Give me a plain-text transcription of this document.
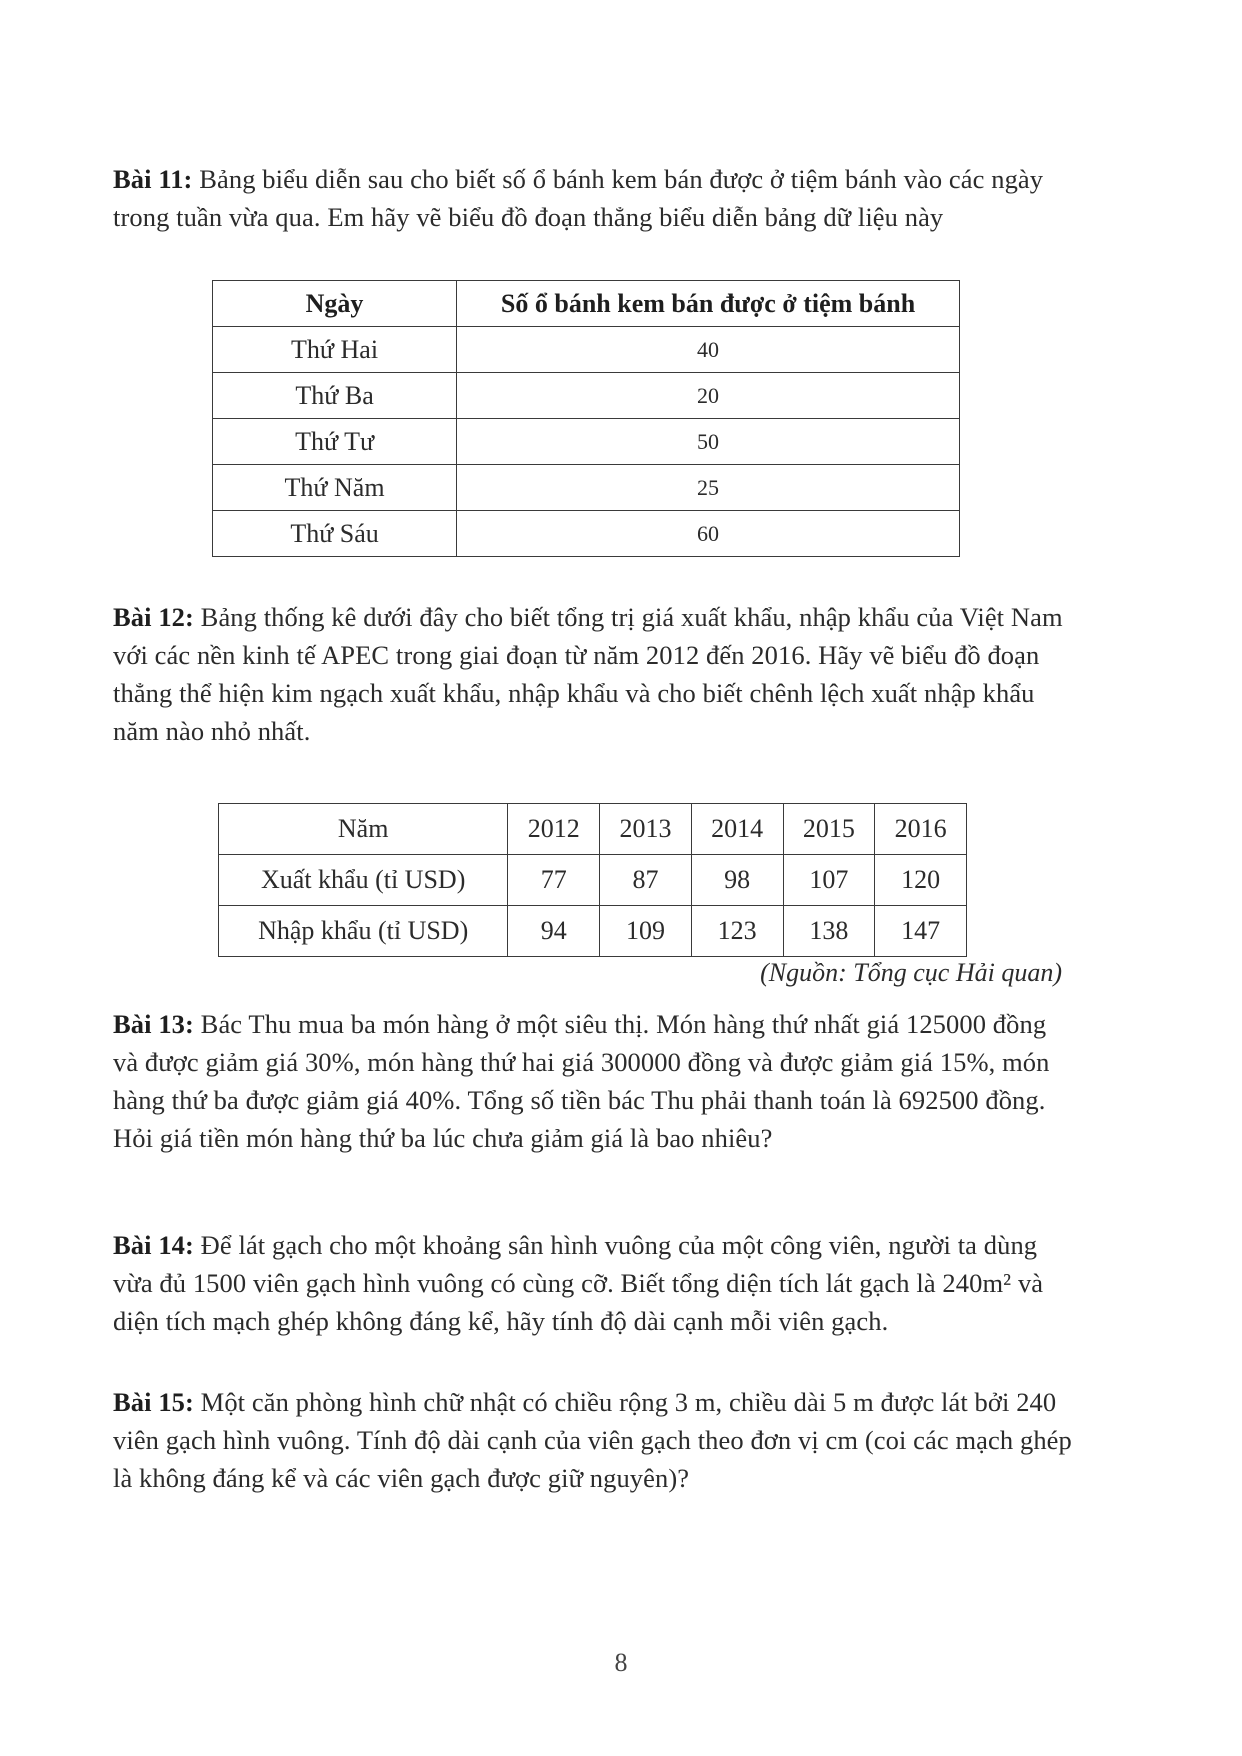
Bài 11: Bảng biểu diễn sau cho biết số ổ bánh kem bán được ở tiệm bánh vào các ngày trong tuần vừa qua. Em hãy vẽ biểu đồ đoạn thẳng biểu diễn bảng dữ liệu này
Ngày	Số ổ bánh kem bán được ở tiệm bánh
Thứ Hai	40
Thứ Ba	20
Thứ Tư	50
Thứ Năm	25
Thứ Sáu	60
Bài 12: Bảng thống kê dưới đây cho biết tổng trị giá xuất khẩu, nhập khẩu của Việt Nam với các nền kinh tế APEC trong giai đoạn từ năm 2012 đến 2016. Hãy vẽ biểu đồ đoạn thẳng thể hiện kim ngạch xuất khẩu, nhập khẩu và cho biết chênh lệch xuất nhập khẩu năm nào nhỏ nhất.
Năm	2012	2013	2014	2015	2016
Xuất khẩu (tỉ USD)	77	87	98	107	120
Nhập khẩu (tỉ USD)	94	109	123	138	147
(Nguồn: Tổng cục Hải quan)
Bài 13: Bác Thu mua ba món hàng ở một siêu thị. Món hàng thứ nhất giá 125000 đồng và được giảm giá 30%, món hàng thứ hai giá 300000 đồng và được giảm giá 15%, món hàng thứ ba được giảm giá 40%. Tổng số tiền bác Thu phải thanh toán là 692500 đồng. Hỏi giá tiền món hàng thứ ba lúc chưa giảm giá là bao nhiêu?
Bài 14: Để lát gạch cho một khoảng sân hình vuông của một công viên, người ta dùng vừa đủ 1500 viên gạch hình vuông có cùng cỡ. Biết tổng diện tích lát gạch là 240m² và diện tích mạch ghép không đáng kể, hãy tính độ dài cạnh mỗi viên gạch.
Bài 15: Một căn phòng hình chữ nhật có chiều rộng 3 m, chiều dài 5 m được lát bởi 240 viên gạch hình vuông. Tính độ dài cạnh của viên gạch theo đơn vị cm (coi các mạch ghép là không đáng kể và các viên gạch được giữ nguyên)?
8
